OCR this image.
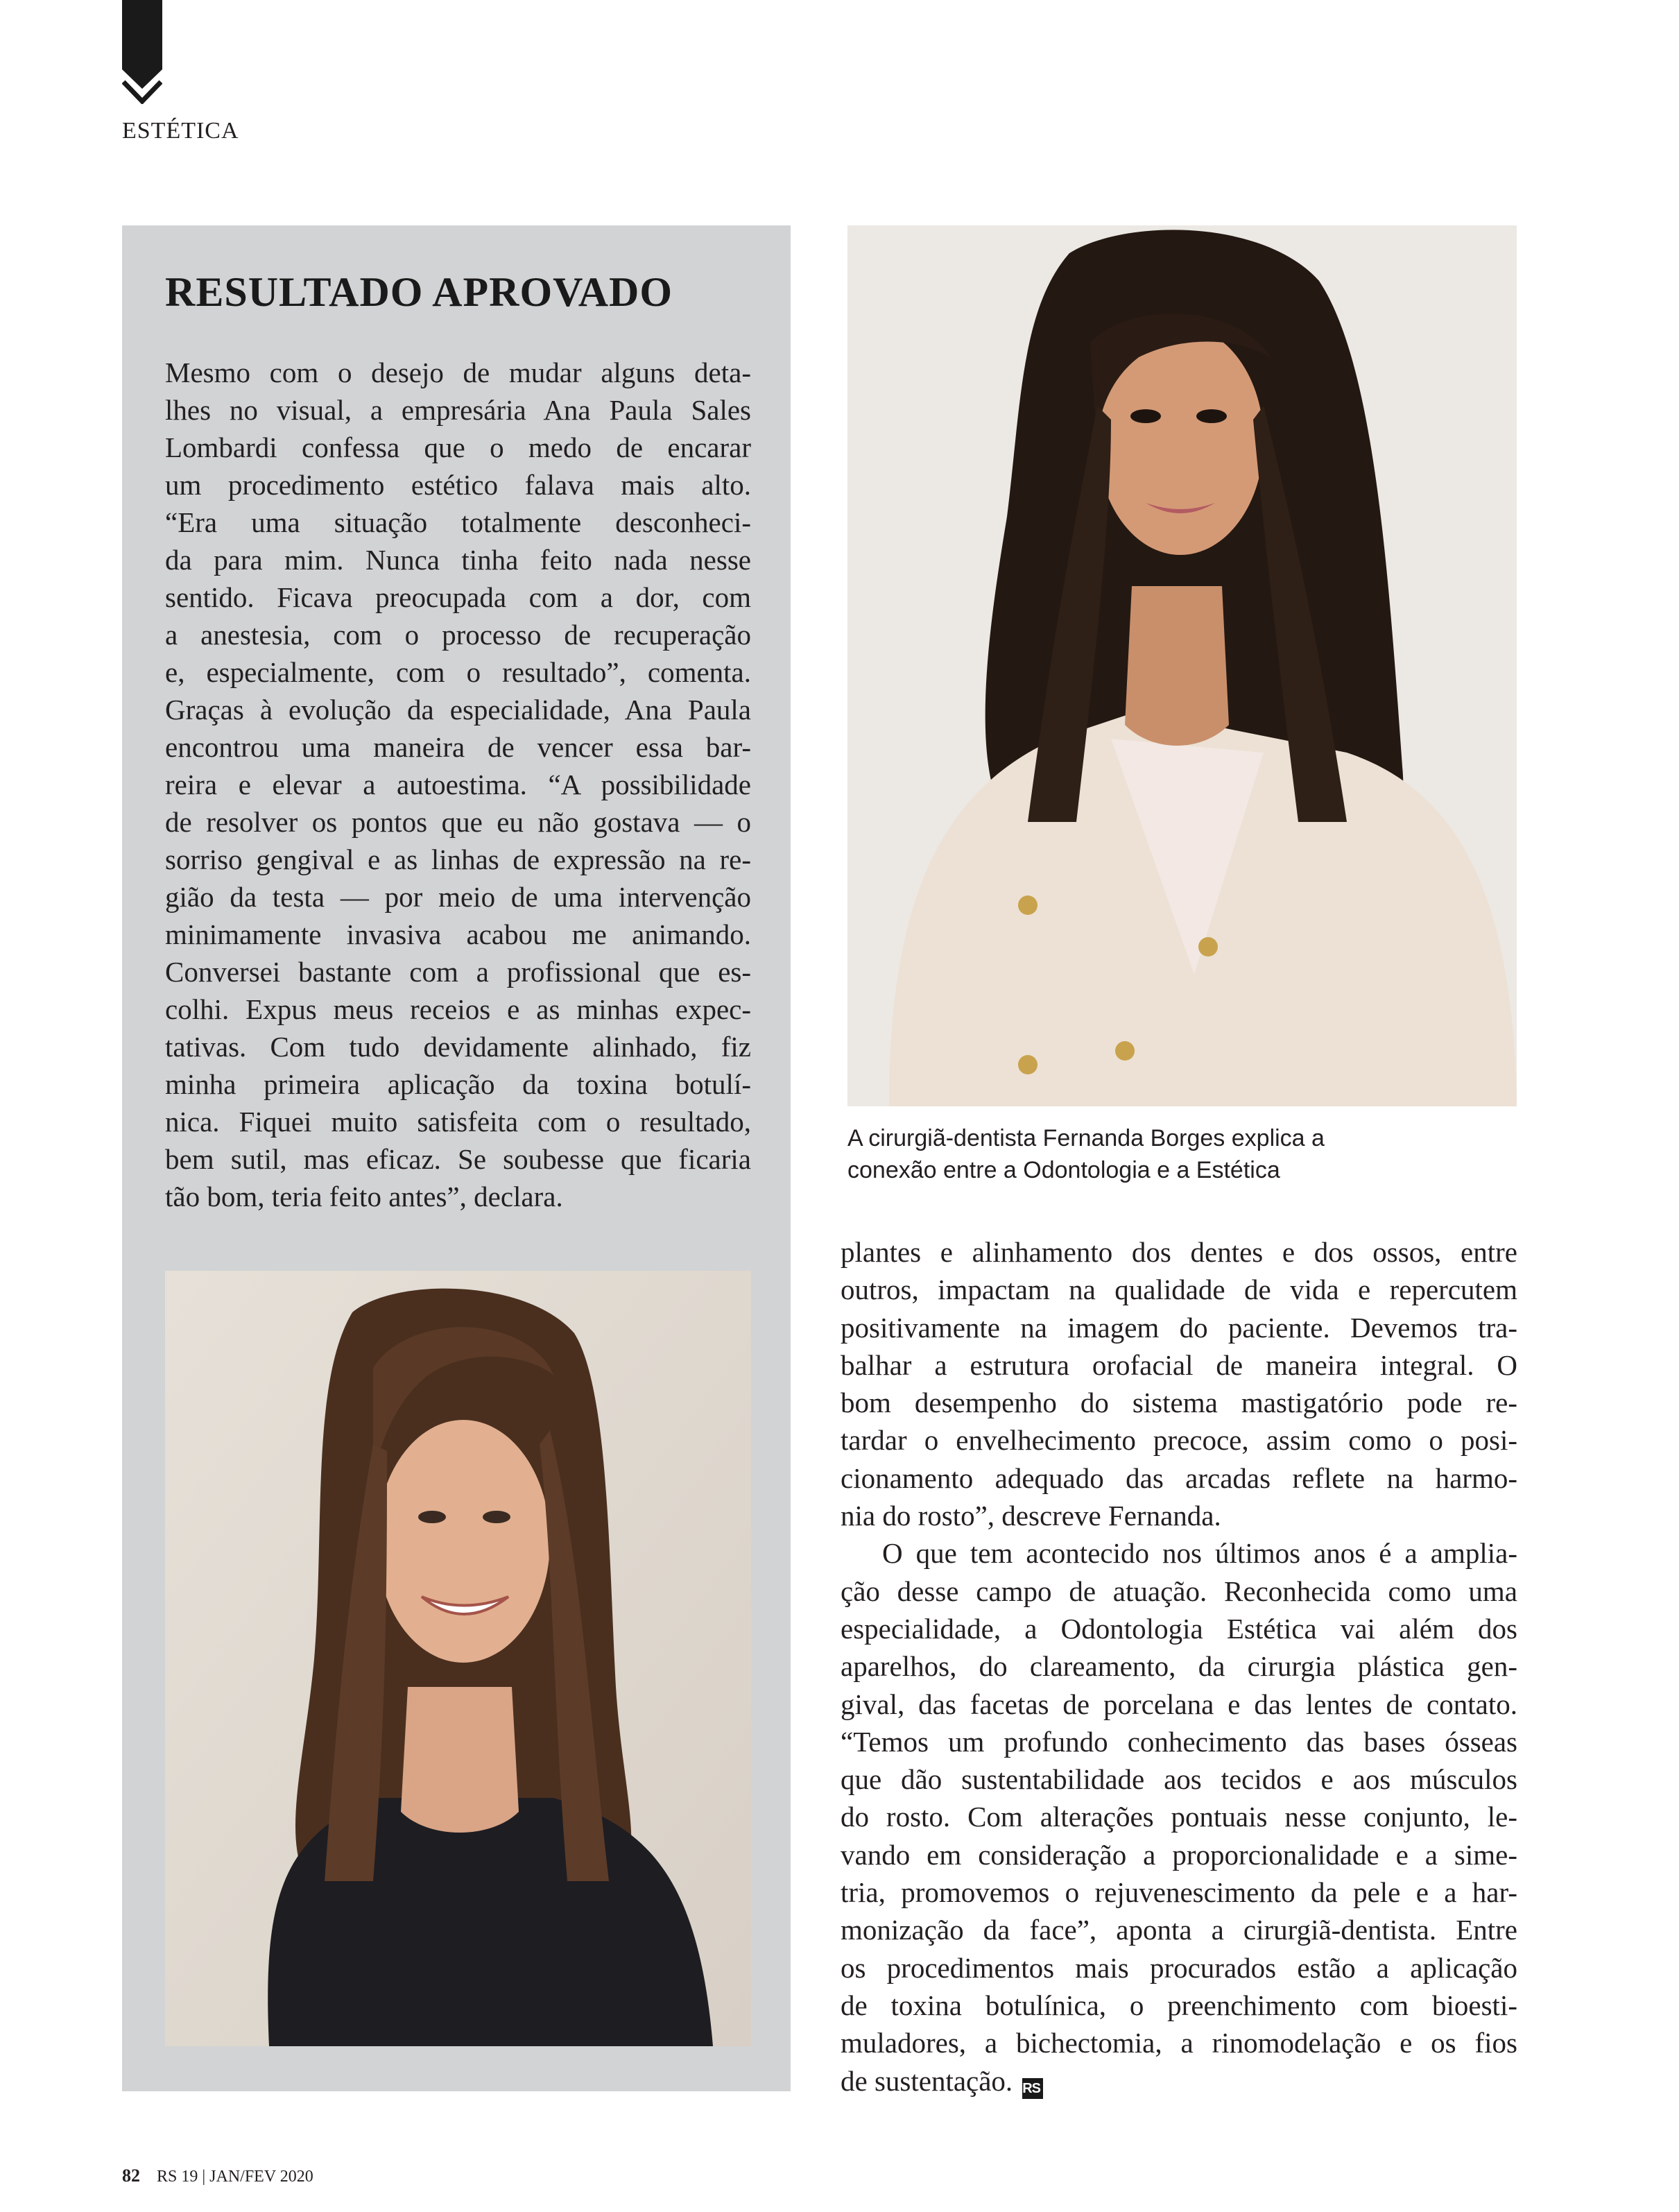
ESTÉTICA
RESULTADO APROVADO
Mesmo com o desejo de mudar alguns deta-
lhes no visual, a empresária Ana Paula Sales
Lombardi confessa que o medo de encarar
um procedimento estético falava mais alto.
“Era uma situação totalmente desconheci-
da para mim. Nunca tinha feito nada nesse
sentido. Ficava preocupada com a dor, com
a anestesia, com o processo de recuperação
e, especialmente, com o resultado”, comenta.
Graças à evolução da especialidade, Ana Paula
encontrou uma maneira de vencer essa bar-
reira e elevar a autoestima. “A possibilidade
de resolver os pontos que eu não gostava — o
sorriso gengival e as linhas de expressão na re-
gião da testa — por meio de uma intervenção
minimamente invasiva acabou me animando.
Conversei bastante com a profissional que es-
colhi. Expus meus receios e as minhas expec-
tativas. Com tudo devidamente alinhado, fiz
minha primeira aplicação da toxina botulí-
nica. Fiquei muito satisfeita com o resultado,
bem sutil, mas eficaz. Se soubesse que ficaria
tão bom, teria feito antes”, declara.
A cirurgiã-dentista Fernanda Borges explica a
conexão entre a Odontologia e a Estética
plantes e alinhamento dos dentes e dos ossos, entre
outros, impactam na qualidade de vida e repercutem
positivamente na imagem do paciente. Devemos tra-
balhar a estrutura orofacial de maneira integral. O
bom desempenho do sistema mastigatório pode re-
tardar o envelhecimento precoce, assim como o posi-
cionamento adequado das arcadas reflete na harmo-
nia do rosto”, descreve Fernanda.
O que tem acontecido nos últimos anos é a amplia-
ção desse campo de atuação. Reconhecida como uma
especialidade, a Odontologia Estética vai além dos
aparelhos, do clareamento, da cirurgia plástica gen-
gival, das facetas de porcelana e das lentes de contato.
“Temos um profundo conhecimento das bases ósseas
que dão sustentabilidade aos tecidos e aos músculos
do rosto. Com alterações pontuais nesse conjunto, le-
vando em consideração a proporcionalidade e a sime-
tria, promovemos o rejuvenescimento da pele e a har-
monização da face”, aponta a cirurgiã-dentista. Entre
os procedimentos mais procurados estão a aplicação
de toxina botulínica, o preenchimento com bioesti-
muladores, a bichectomia, a rinomodelação e os fios
de sustentação. RS
82 RS 19 | JAN/FEV 2020
